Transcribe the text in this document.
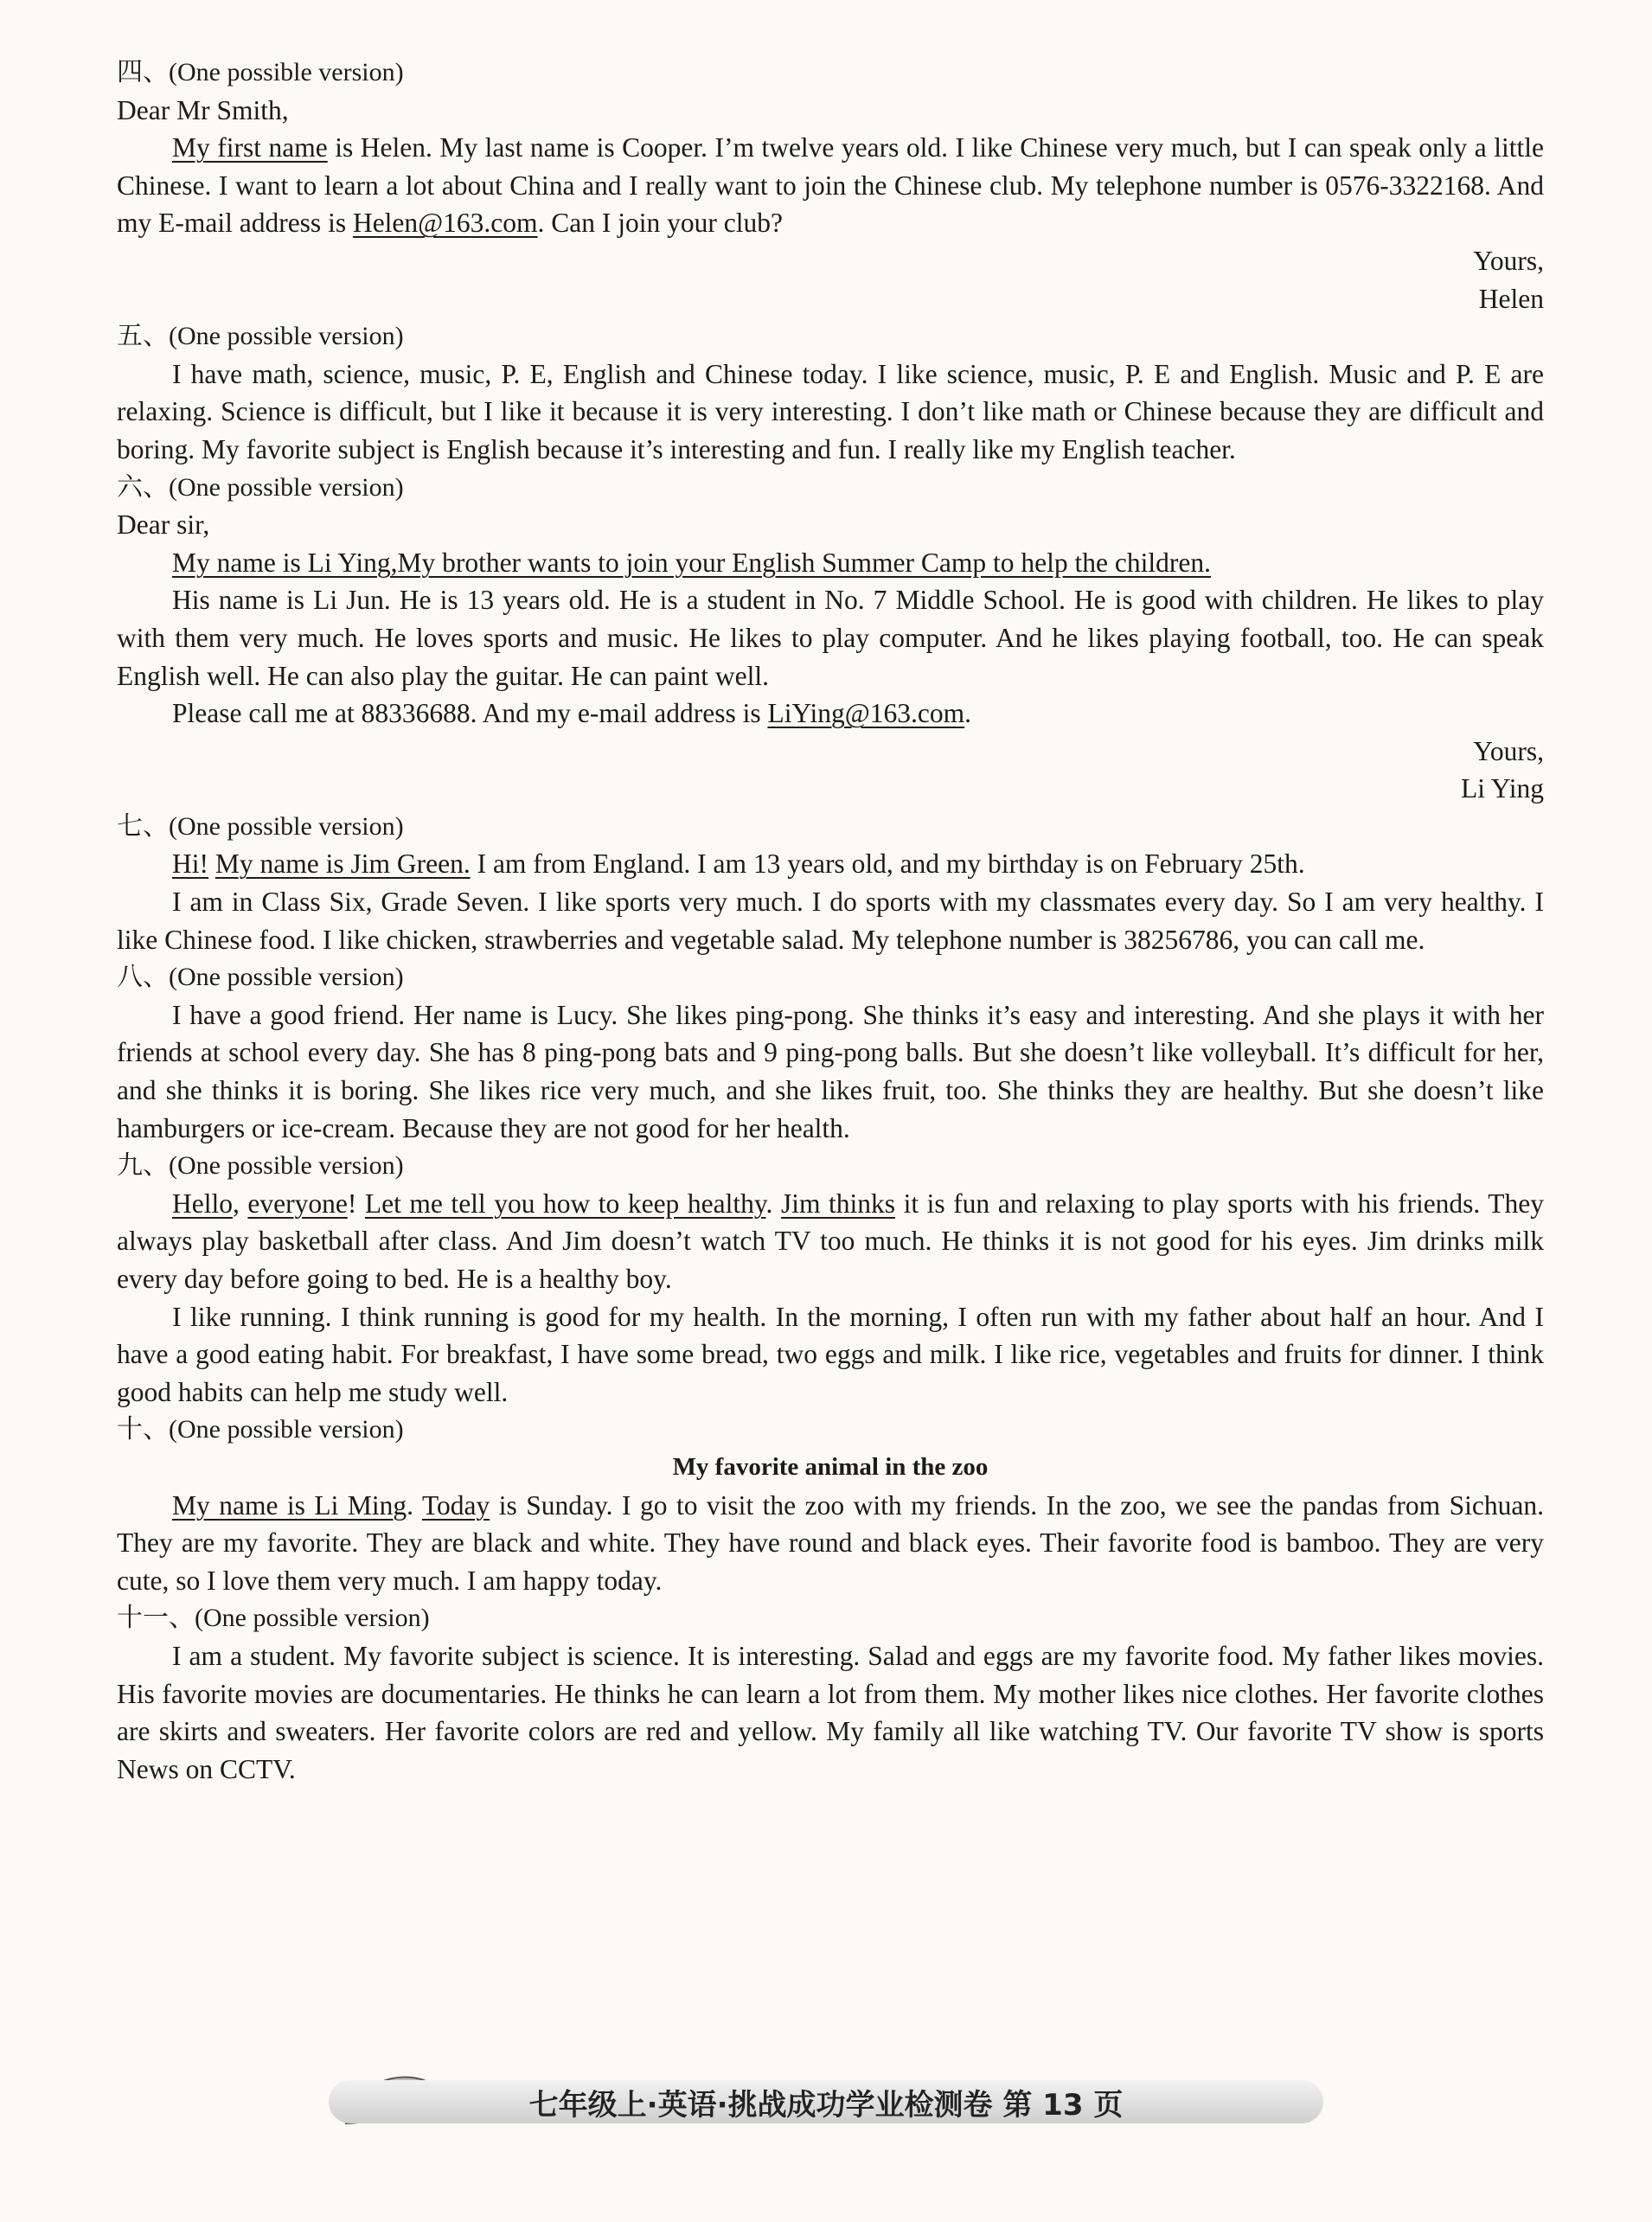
四、(One possible version)
Dear Mr Smith,
My first name is Helen. My last name is Cooper. I’m twelve years old. I like Chinese very much, but I can speak only a little Chinese. I want to learn a lot about China and I really want to join the Chinese club. My telephone number is 0576-3322168. And my E-mail address is Helen@163.com. Can I join your club?
Yours,
Helen
五、(One possible version)
I have math, science, music, P. E, English and Chinese today. I like science, music, P. E and English. Music and P. E are relaxing. Science is difficult, but I like it because it is very interesting. I don’t like math or Chinese because they are difficult and boring. My favorite subject is English because it’s interesting and fun. I really like my English teacher.
六、(One possible version)
Dear sir,
My name is Li Ying,My brother wants to join your English Summer Camp to help the children.
His name is Li Jun. He is 13 years old. He is a student in No. 7 Middle School. He is good with children. He likes to play with them very much. He loves sports and music. He likes to play computer. And he likes playing football, too. He can speak English well. He can also play the guitar. He can paint well.
Please call me at 88336688. And my e-mail address is LiYing@163.com.
Yours,
Li Ying
七、(One possible version)
Hi! My name is Jim Green. I am from England. I am 13 years old, and my birthday is on February 25th.
I am in Class Six, Grade Seven. I like sports very much. I do sports with my classmates every day. So I am very healthy. I like Chinese food. I like chicken, strawberries and vegetable salad. My telephone number is 38256786, you can call me.
八、(One possible version)
I have a good friend. Her name is Lucy. She likes ping-pong. She thinks it’s easy and interesting. And she plays it with her friends at school every day. She has 8 ping-pong bats and 9 ping-pong balls. But she doesn’t like volleyball. It’s difficult for her, and she thinks it is boring. She likes rice very much, and she likes fruit, too. She thinks they are healthy. But she doesn’t like hamburgers or ice-cream. Because they are not good for her health.
九、(One possible version)
Hello, everyone! Let me tell you how to keep healthy. Jim thinks it is fun and relaxing to play sports with his friends. They always play basketball after class. And Jim doesn’t watch TV too much. He thinks it is not good for his eyes. Jim drinks milk every day before going to bed. He is a healthy boy.
I like running. I think running is good for my health. In the morning, I often run with my father about half an hour. And I have a good eating habit. For breakfast, I have some bread, two eggs and milk. I like rice, vegetables and fruits for dinner. I think good habits can help me study well.
十、(One possible version)
My favorite animal in the zoo
My name is Li Ming. Today is Sunday. I go to visit the zoo with my friends. In the zoo, we see the pandas from Sichuan. They are my favorite. They are black and white. They have round and black eyes. Their favorite food is bamboo. They are very cute, so I love them very much. I am happy today.
十一、(One possible version)
I am a student. My favorite subject is science. It is interesting. Salad and eggs are my favorite food. My father likes movies. His favorite movies are documentaries. He thinks he can learn a lot from them. My mother likes nice clothes. Her favorite clothes are skirts and sweaters. Her favorite colors are red and yellow. My family all like watching TV. Our favorite TV show is sports News on CCTV.
七年级上·英语·挑战成功学业检测卷 第 13 页
